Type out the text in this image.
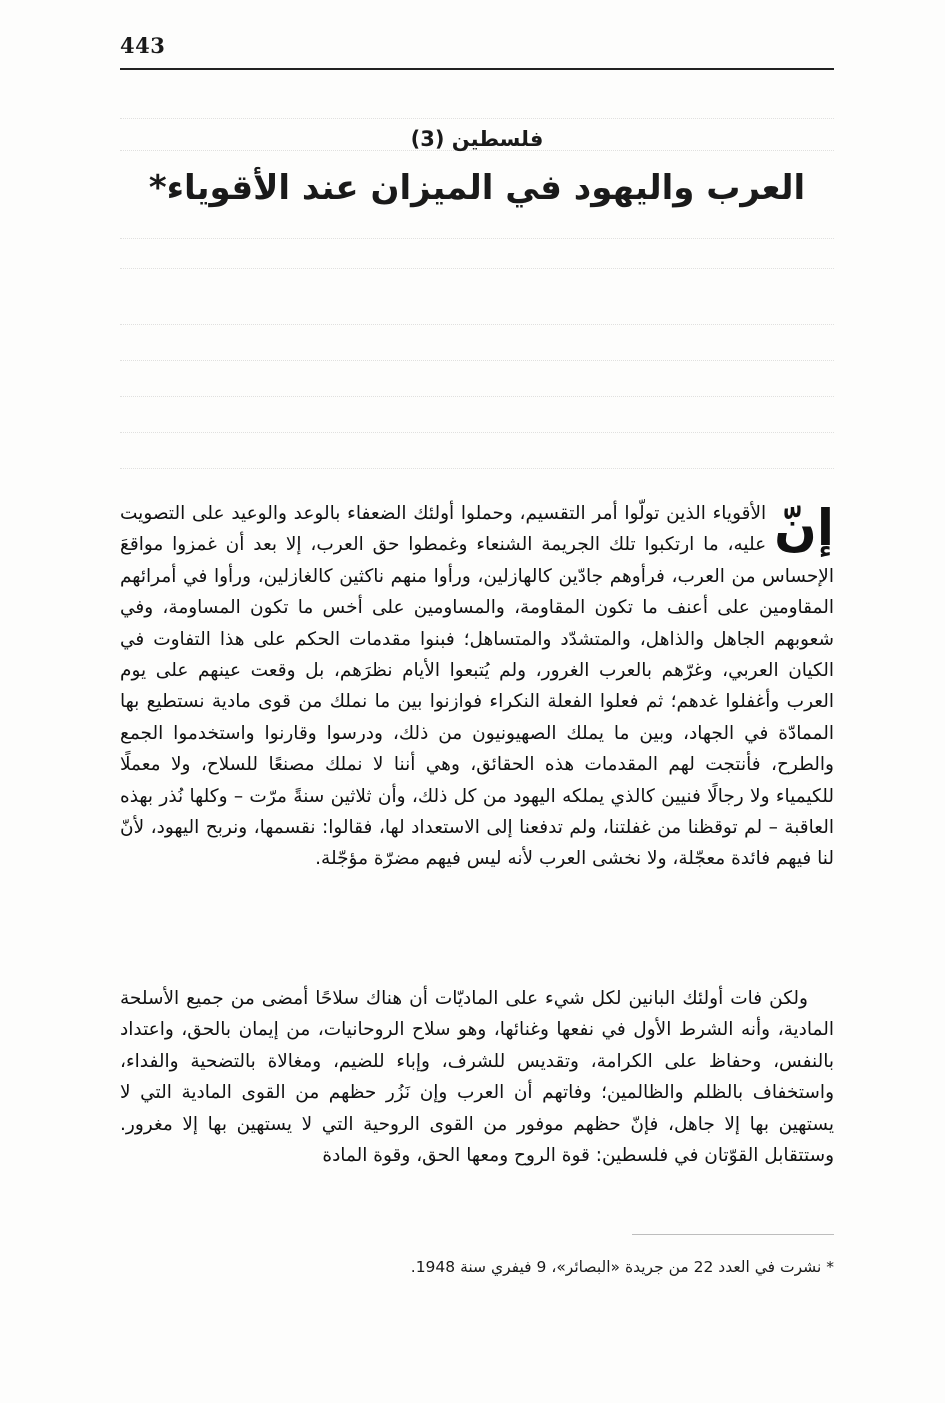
443
فلسطين (3)
العرب واليهود في الميزان عند الأقوياء*
إنّ
الأقوياء الذين تولّوا أمر التقسيم، وحملوا أولئك الضعفاء بالوعد والوعيد على التصويت عليه، ما ارتكبوا تلك الجريمة الشنعاء وغمطوا حق العرب، إلا بعد أن غمزوا مواقعَ الإحساس من العرب، فرأوهم جادّين كالهازلين، ورأوا منهم ناكثين كالغازلين، ورأوا في أمرائهم المقاومين على أعنف ما تكون المقاومة، والمساومين على أخس ما تكون المساومة، وفي شعوبهم الجاهل والذاهل، والمتشدّد والمتساهل؛ فبنوا مقدمات الحكم على هذا التفاوت في الكيان العربي، وغرّهم بالعرب الغرور، ولم يُتبعوا الأيام نظرَهم، بل وقعت عينهم على يوم العرب وأغفلوا غدهم؛ ثم فعلوا الفعلة النكراء فوازنوا بين ما نملك من قوى مادية نستطيع بها الممادّة في الجهاد، وبين ما يملك الصهيونيون من ذلك، ودرسوا وقارنوا واستخدموا الجمع والطرح، فأنتجت لهم المقدمات هذه الحقائق، وهي أننا لا نملك مصنعًا للسلاح، ولا معملًا للكيمياء ولا رجالًا فنيين كالذي يملكه اليهود من كل ذلك، وأن ثلاثين سنةً مرّت – وكلها نُذر بهذه العاقبة – لم توقظنا من غفلتنا، ولم تدفعنا إلى الاستعداد لها، فقالوا: نقسمها، ونربح اليهود، لأنّ لنا فيهم فائدة معجّلة، ولا نخشى العرب لأنه ليس فيهم مضرّة مؤجّلة.
ولكن فات أولئك البانين لكل شيء على الماديّات أن هناك سلاحًا أمضى من جميع الأسلحة المادية، وأنه الشرط الأول في نفعها وغنائها، وهو سلاح الروحانيات، من إيمان بالحق، واعتداد بالنفس، وحفاظ على الكرامة، وتقديس للشرف، وإباء للضيم، ومغالاة بالتضحية والفداء، واستخفاف بالظلم والظالمين؛ وفاتهم أن العرب وإن نَزُر حظهم من القوى المادية التي لا يستهين بها إلا جاهل، فإنّ حظهم موفور من القوى الروحية التي لا يستهين بها إلا مغرور. وستتقابل القوّتان في فلسطين: قوة الروح ومعها الحق، وقوة المادة
* نشرت في العدد 22 من جريدة «البصائر»، 9 فيفري سنة 1948.
